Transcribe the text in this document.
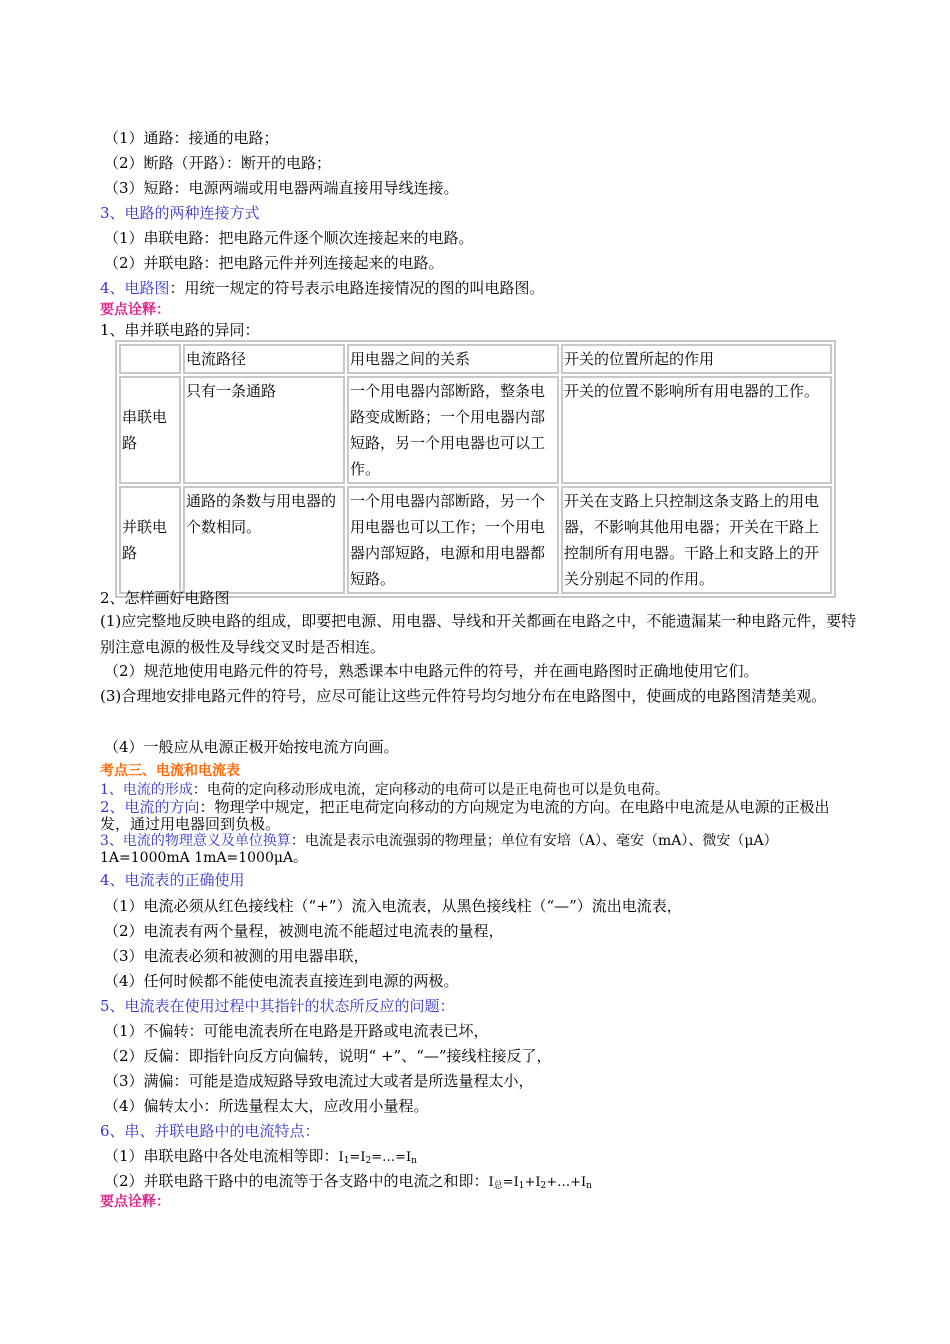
（1）通路：接通的电路；
（2）断路（开路）：断开的电路；
（3）短路：电源两端或用电器两端直接用导线连接。
3、电路的两种连接方式
（1）串联电路：把电路元件逐个顺次连接起来的电路。
（2）并联电路：把电路元件并列连接起来的电路。
4、电路图：用统一规定的符号表示电路连接情况的图的叫电路图。
要点诠释：
1、串并联电路的异同：
	电流路径	用电器之间的关系	开关的位置所起的作用
串联电路	只有一条通路	一个用电器内部断路，整条电路变成断路；一个用电器内部短路，另一个用电器也可以工作。	开关的位置不影响所有用电器的工作。
并联电路	通路的条数与用电器的个数相同。	一个用电器内部断路，另一个用电器也可以工作；一个用电器内部短路，电源和用电器都短路。	开关在支路上只控制这条支路上的用电器，不影响其他用电器；开关在干路上控制所有用电器。干路上和支路上的开关分别起不同的作用。
2、怎样画好电路图
(1)应完整地反映电路的组成，即要把电源、用电器、导线和开关都画在电路之中，不能遗漏某一种电路元件，要特别注意电源的极性及导线交叉时是否相连。
（2）规范地使用电路元件的符号，熟悉课本中电路元件的符号，并在画电路图时正确地使用它们。
(3)合理地安排电路元件的符号，应尽可能让这些元件符号均匀地分布在电路图中，使画成的电路图清楚美观。
（4）一般应从电源正极开始按电流方向画。
考点三、电流和电流表
1、电流的形成：电荷的定向移动形成电流，定向移动的电荷可以是正电荷也可以是负电荷。
2、电流的方向：物理学中规定，把正电荷定向移动的方向规定为电流的方向。在电路中电流是从电源的正极出发，通过用电器回到负极。
3、电流的物理意义及单位换算：电流是表示电流强弱的物理量；单位有安培（A）、毫安（mA）、微安（μA）
1A=1000mA 1mA=1000μA。
4、电流表的正确使用
（1）电流必须从红色接线柱（“+”）流入电流表，从黑色接线柱（“—”）流出电流表，
（2）电流表有两个量程，被测电流不能超过电流表的量程，
（3）电流表必须和被测的用电器串联，
（4）任何时候都不能使电流表直接连到电源的两极。
5、电流表在使用过程中其指针的状态所反应的问题：
（1）不偏转：可能电流表所在电路是开路或电流表已坏，
（2）反偏：即指针向反方向偏转，说明“ +”、“—”接线柱接反了，
（3）满偏：可能是造成短路导致电流过大或者是所选量程太小，
（4）偏转太小：所选量程太大，应改用小量程。
6、串、并联电路中的电流特点：
（1）串联电路中各处电流相等即：$I_1=I_2=\dots=I_n$
（2）并联电路干路中的电流等于各支路中的电流之和即：$I_总=I_1+I_2+\dots+I_n$
要点诠释：
